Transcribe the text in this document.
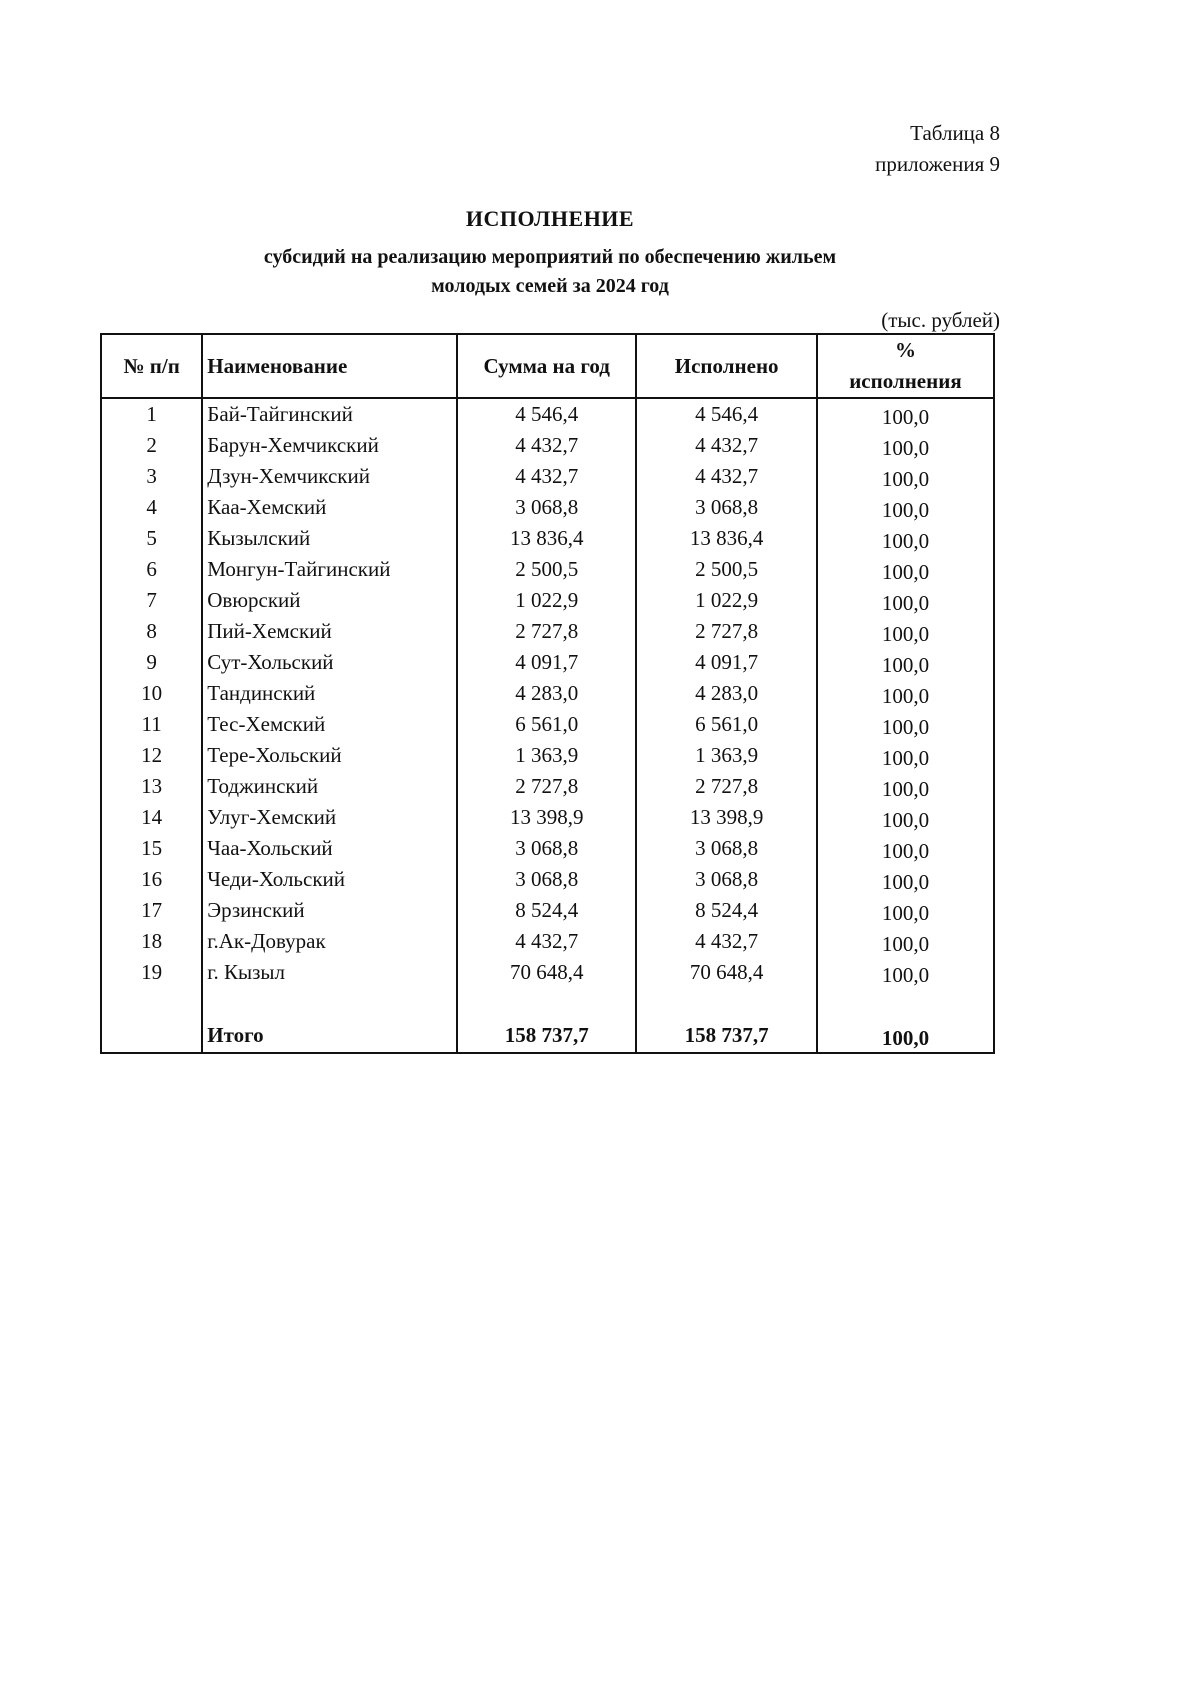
Таблица 8
приложения 9
ИСПОЛНЕНИЕ
субсидий на реализацию мероприятий по обеспечению жильем
молодых семей за 2024 год
(тыс. рублей)
№ п/п	Наименование	Сумма на год	Исполнено	%
исполнения

1	Бай-Тайгинский	4 546,4	4 546,4	100,0
2	Барун-Хемчикский	4 432,7	4 432,7	100,0
3	Дзун-Хемчикский	4 432,7	4 432,7	100,0
4	Каа-Хемский	3 068,8	3 068,8	100,0
5	Кызылский	13 836,4	13 836,4	100,0
6	Монгун-Тайгинский	2 500,5	2 500,5	100,0
7	Овюрский	1 022,9	1 022,9	100,0
8	Пий-Хемский	2 727,8	2 727,8	100,0
9	Сут-Хольский	4 091,7	4 091,7	100,0
10	Тандинский	4 283,0	4 283,0	100,0
11	Тес-Хемский	6 561,0	6 561,0	100,0
12	Тере-Хольский	1 363,9	1 363,9	100,0
13	Тоджинский	2 727,8	2 727,8	100,0
14	Улуг-Хемский	13 398,9	13 398,9	100,0
15	Чаа-Хольский	3 068,8	3 068,8	100,0
16	Чеди-Хольский	3 068,8	3 068,8	100,0
17	Эрзинский	8 524,4	8 524,4	100,0
18	г.Ак-Довурак	4 432,7	4 432,7	100,0
19	г. Кызыл	70 648,4	70 648,4	100,0

	Итого	158 737,7	158 737,7	100,0
